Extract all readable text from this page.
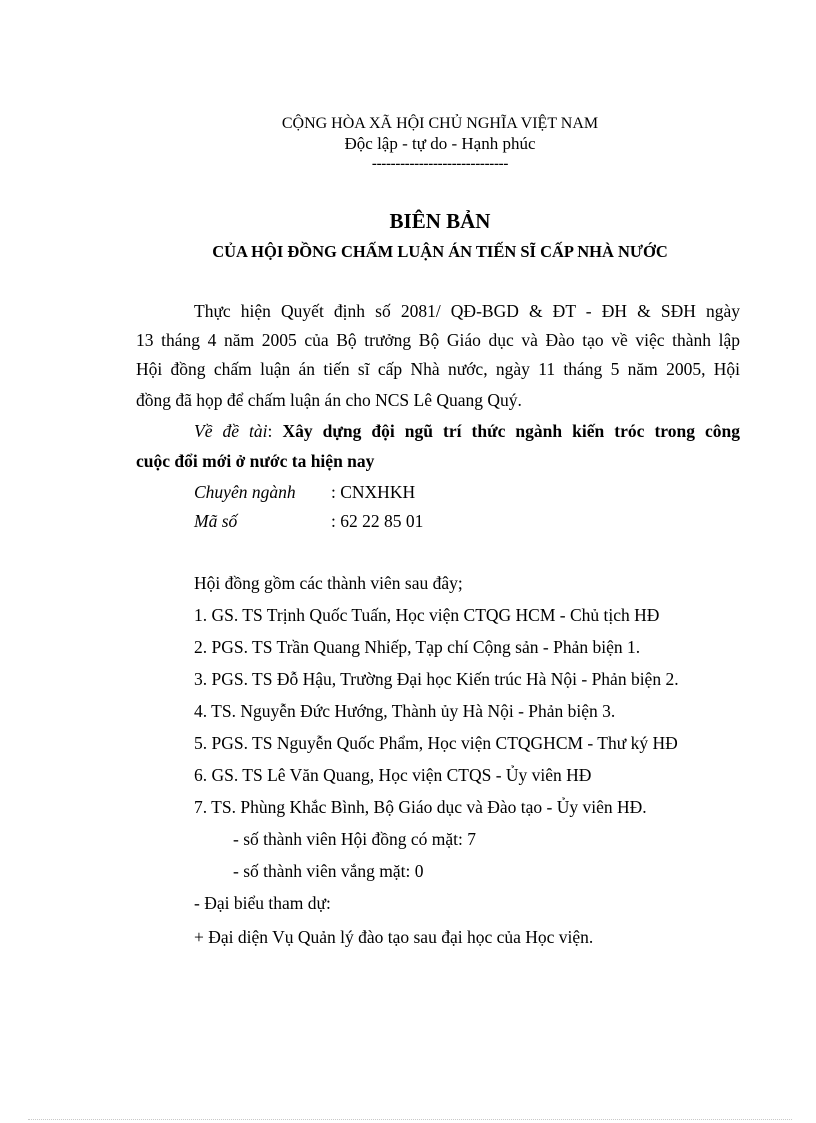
CỘNG HÒA XÃ HỘI CHỦ NGHĨA VIỆT NAM
Độc lập - tự do - Hạnh phúc
-----------------------------
BIÊN BẢN
CỦA HỘI ĐỒNG CHẤM LUẬN ÁN TIẾN SĨ CẤP NHÀ NƯỚC
Thực hiện Quyết định số 2081/ QĐ-BGD & ĐT - ĐH & SĐH ngày
13 tháng 4 năm 2005 của Bộ trưởng Bộ Giáo dục và Đào tạo về việc thành lập
Hội đồng chấm luận án tiến sĩ cấp Nhà nước, ngày 11 tháng 5 năm 2005, Hội
đồng đã họp để chấm luận án cho NCS Lê Quang Quý.
Về đề tài: Xây dựng đội ngũ trí thức ngành kiến tróc trong công
cuộc đổi mới ở nước ta hiện nay
Chuyên ngành : CNXHKH
Mã số	: 62 22 85 01
Hội đồng gồm các thành viên sau đây;
1. GS. TS Trịnh Quốc Tuấn, Học viện CTQG HCM - Chủ tịch HĐ
2. PGS. TS Trần Quang Nhiếp, Tạp chí Cộng sản - Phản biện 1.
3. PGS. TS Đỗ Hậu, Trường Đại học Kiến trúc Hà Nội - Phản biện 2.
4. TS. Nguyễn Đức Hướng, Thành ủy Hà Nội - Phản biện 3.
5. PGS. TS Nguyễn Quốc Phẩm, Học viện CTQGHCM - Thư ký HĐ
6. GS. TS Lê Văn Quang, Học viện CTQS - Ủy viên HĐ
7. TS. Phùng Khắc Bình, Bộ Giáo dục và Đào tạo - Ủy viên HĐ.
- số thành viên Hội đồng có mặt: 7
- số thành viên vắng mặt: 0
- Đại biểu tham dự:
+ Đại diện Vụ Quản lý đào tạo sau đại học của Học viện.
